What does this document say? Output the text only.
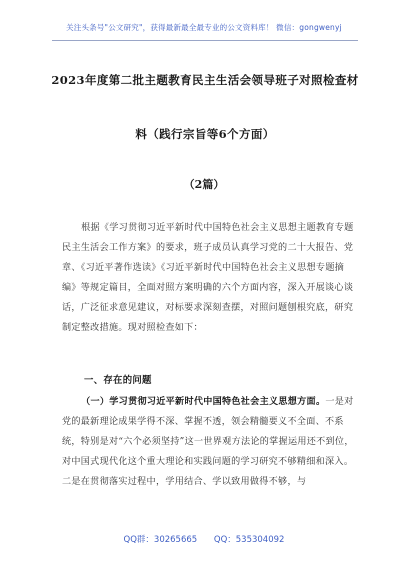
关注头条号"公文研究"，获得最新最全最专业的公文资料库！ 微信：gongwenyj
2023年度第二批主题教育民主生活会领导班子对照检查材
料（践行宗旨等6个方面）
（2篇）

根据《学习贯彻习近平新时代中国特色社会主义思想主题教育专题民主生活会工作方案》的要求，班子成员认真学习党的二十大报告、党章、《习近平著作选读》《习近平新时代中国特色社会主义思想专题摘编》等规定篇目，全面对照方案明确的六个方面内容，深入开展谈心谈话，广泛征求意见建议，对标要求深刻查摆，对照问题刨根究底，研究制定整改措施。现对照检查如下：

一、存在的问题

（一）学习贯彻习近平新时代中国特色社会主义思想方面。一是对党的最新理论成果学得不深、掌握不透，领会精髓要义不全面、不系统，特别是对“六个必须坚持”这一世界观方法论的掌握运用还不到位，对中国式现代化这个重大理论和实践问题的学习研究不够精细和深入。二是在贯彻落实过程中，学用结合、学以致用做得不够，与

QQ群：30265665 QQ：535304092
